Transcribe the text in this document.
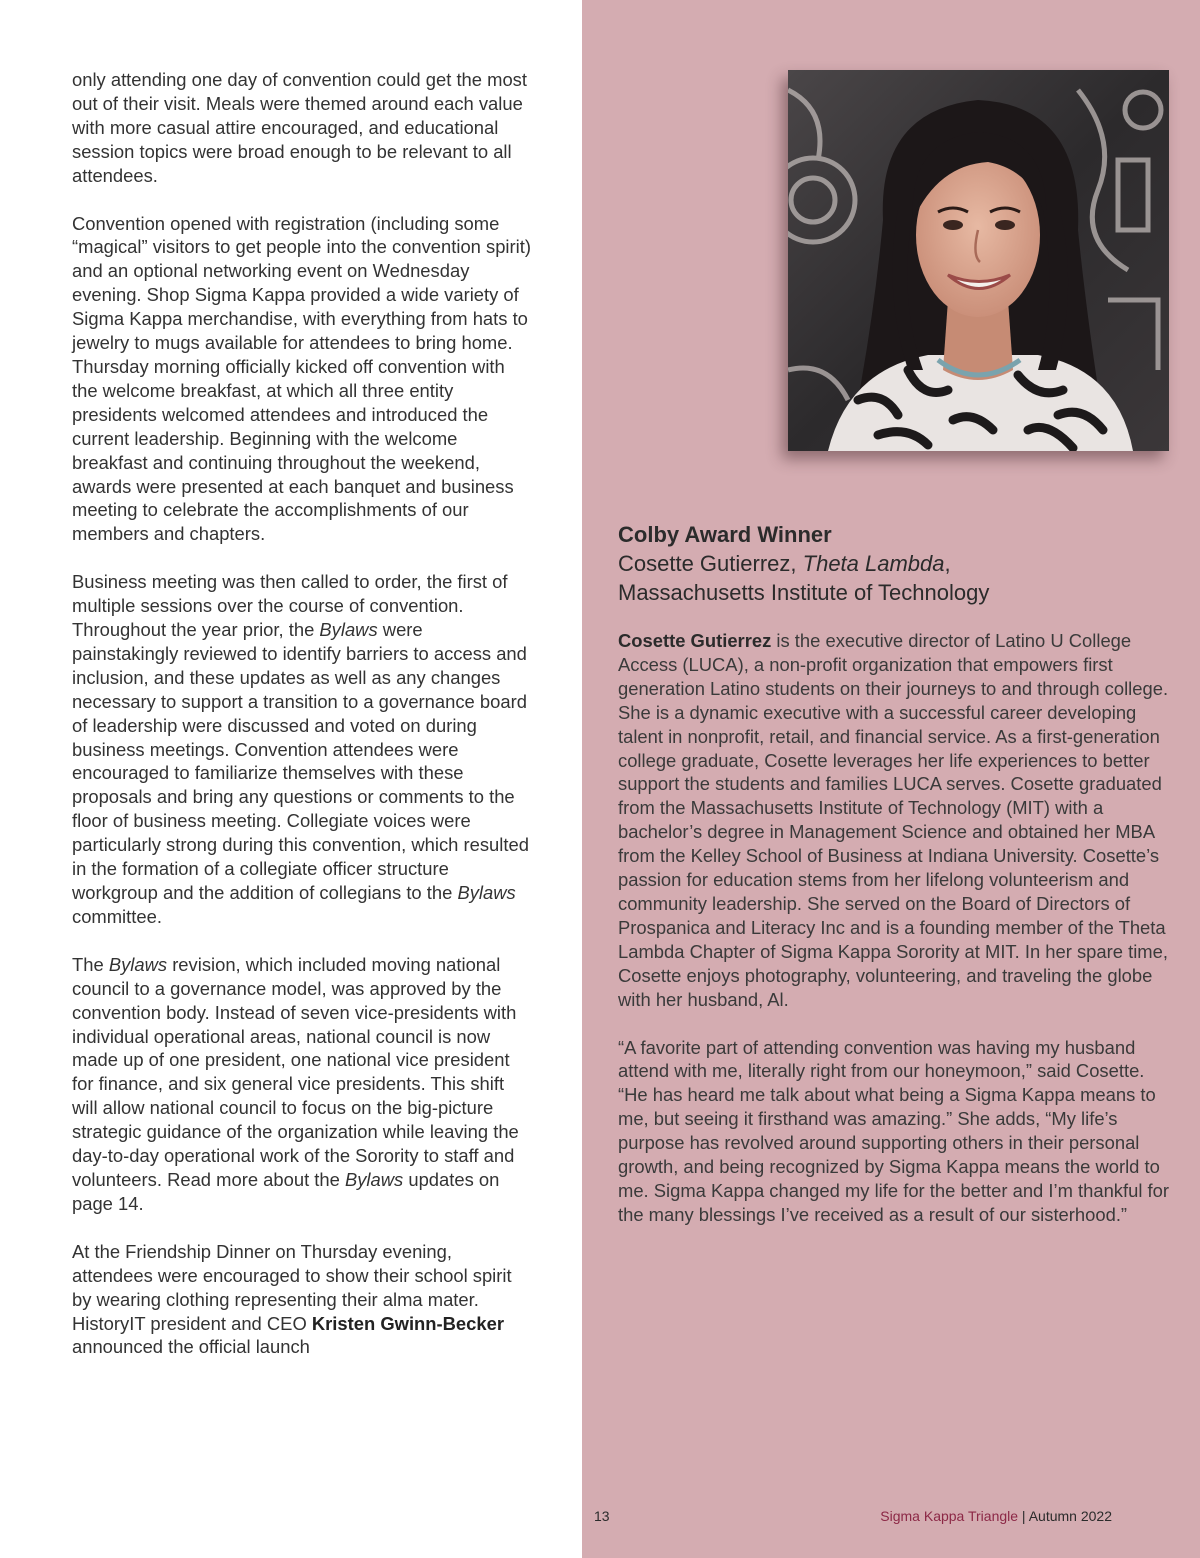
only attending one day of convention could get the most out of their visit. Meals were themed around each value with more casual attire encouraged, and educational session topics were broad enough to be relevant to all attendees.

Convention opened with registration (including some “magical” visitors to get people into the convention spirit) and an optional networking event on Wednesday evening. Shop Sigma Kappa provided a wide variety of Sigma Kappa merchandise, with everything from hats to jewelry to mugs available for attendees to bring home. Thursday morning officially kicked off convention with the welcome breakfast, at which all three entity presidents welcomed attendees and introduced the current leadership. Beginning with the welcome breakfast and continuing throughout the weekend, awards were presented at each banquet and business meeting to celebrate the accomplishments of our members and chapters.

Business meeting was then called to order, the first of multiple sessions over the course of convention. Throughout the year prior, the Bylaws were painstakingly reviewed to identify barriers to access and inclusion, and these updates as well as any changes necessary to support a transition to a governance board of leadership were discussed and voted on during business meetings. Convention attendees were encouraged to familiarize themselves with these proposals and bring any questions or comments to the floor of business meeting. Collegiate voices were particularly strong during this convention, which resulted in the formation of a collegiate officer structure workgroup and the addition of collegians to the Bylaws committee.

The Bylaws revision, which included moving national council to a governance model, was approved by the convention body. Instead of seven vice-presidents with individual operational areas, national council is now made up of one president, one national vice president for finance, and six general vice presidents. This shift will allow national council to focus on the big-picture strategic guidance of the organization while leaving the day-to-day operational work of the Sorority to staff and volunteers. Read more about the Bylaws updates on page 14.

At the Friendship Dinner on Thursday evening, attendees were encouraged to show their school spirit by wearing clothing representing their alma mater. HistoryIT president and CEO Kristen Gwinn-Becker announced the official launch

Colby Award Winner
Cosette Gutierrez, Theta Lambda,
Massachusetts Institute of Technology

Cosette Gutierrez is the executive director of Latino U College Access (LUCA), a non-profit organization that empowers first generation Latino students on their journeys to and through college. She is a dynamic executive with a successful career developing talent in nonprofit, retail, and financial service. As a first-generation college graduate, Cosette leverages her life experiences to better support the students and families LUCA serves. Cosette graduated from the Massachusetts Institute of Technology (MIT) with a bachelor’s degree in Management Science and obtained her MBA from the Kelley School of Business at Indiana University. Cosette’s passion for education stems from her lifelong volunteerism and community leadership. She served on the Board of Directors of Prospanica and Literacy Inc and is a founding member of the Theta Lambda Chapter of Sigma Kappa Sorority at MIT. In her spare time, Cosette enjoys photography, volunteering, and traveling the globe with her husband, Al.

“A favorite part of attending convention was having my husband attend with me, literally right from our honeymoon,” said Cosette. “He has heard me talk about what being a Sigma Kappa means to me, but seeing it firsthand was amazing.” She adds, “My life’s purpose has revolved around supporting others in their personal growth, and being recognized by Sigma Kappa means the world to me. Sigma Kappa changed my life for the better and I’m thankful for the many blessings I’ve received as a result of our sisterhood.”

13	Sigma Kappa Triangle | Autumn 2022
